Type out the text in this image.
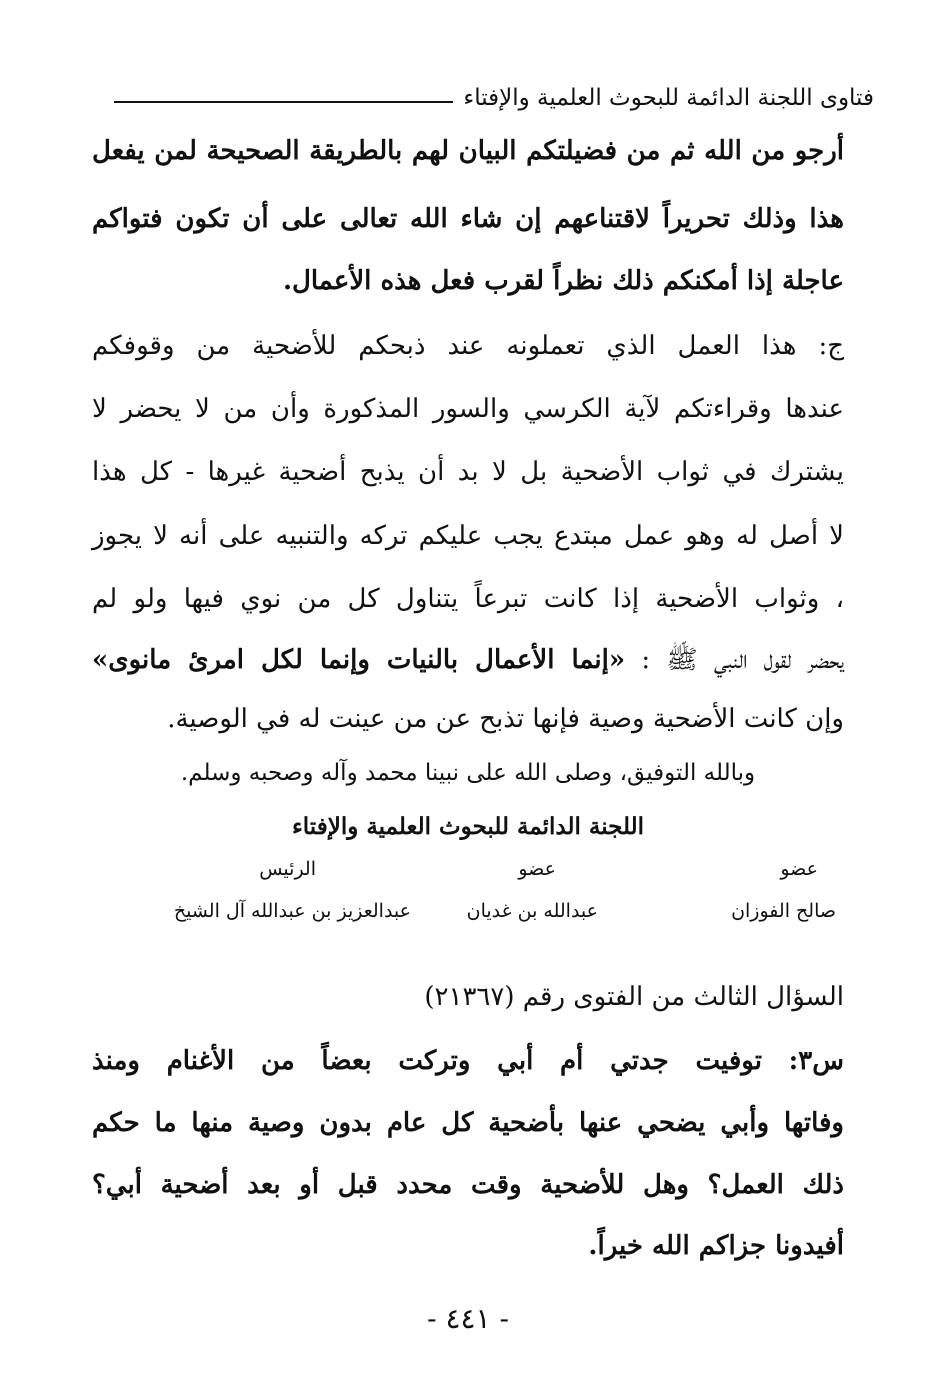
فتاوى اللجنة الدائمة للبحوث العلمية والإفتاء
أرجو من الله ثم من فضيلتكم البيان لهم بالطريقة الصحيحة لمن يفعل
هذا وذلك تحريراً لاقتناعهم إن شاء الله تعالى على أن تكون فتواكم
عاجلة إذا أمكنكم ذلك نظراً لقرب فعل هذه الأعمال.
ج: هذا العمل الذي تعملونه عند ذبحكم للأضحية من وقوفكم
عندها وقراءتكم لآية الكرسي والسور المذكورة وأن من لا يحضر لا
يشترك في ثواب الأضحية بل لا بد أن يذبح أضحية غيرها - كل هذا
لا أصل له وهو عمل مبتدع يجب عليكم تركه والتنبيه على أنه لا يجوز
، وثواب الأضحية إذا كانت تبرعاً يتناول كل من نوي فيها ولو لم
يحضر لقول النبي ﷺ : «إنما الأعمال بالنيات وإنما لكل امرئ مانوى»
وإن كانت الأضحية وصية فإنها تذبح عن من عينت له في الوصية.
وبالله التوفيق، وصلى الله على نبينا محمد وآله وصحبه وسلم.
اللجنة الدائمة للبحوث العلمية والإفتاء
عضو
عضو
الرئيس
صالح الفوزان
عبدالله بن غديان
عبدالعزيز بن عبدالله آل الشيخ
السؤال الثالث من الفتوى رقم (٢١٣٦٧)
س٣: توفيت جدتي أم أبي وتركت بعضاً من الأغنام ومنذ
وفاتها وأبي يضحي عنها بأضحية كل عام بدون وصية منها ما حكم
ذلك العمل؟ وهل للأضحية وقت محدد قبل أو بعد أضحية أبي؟
أفيدونا جزاكم الله خيراً.
- ٤٤١ -
